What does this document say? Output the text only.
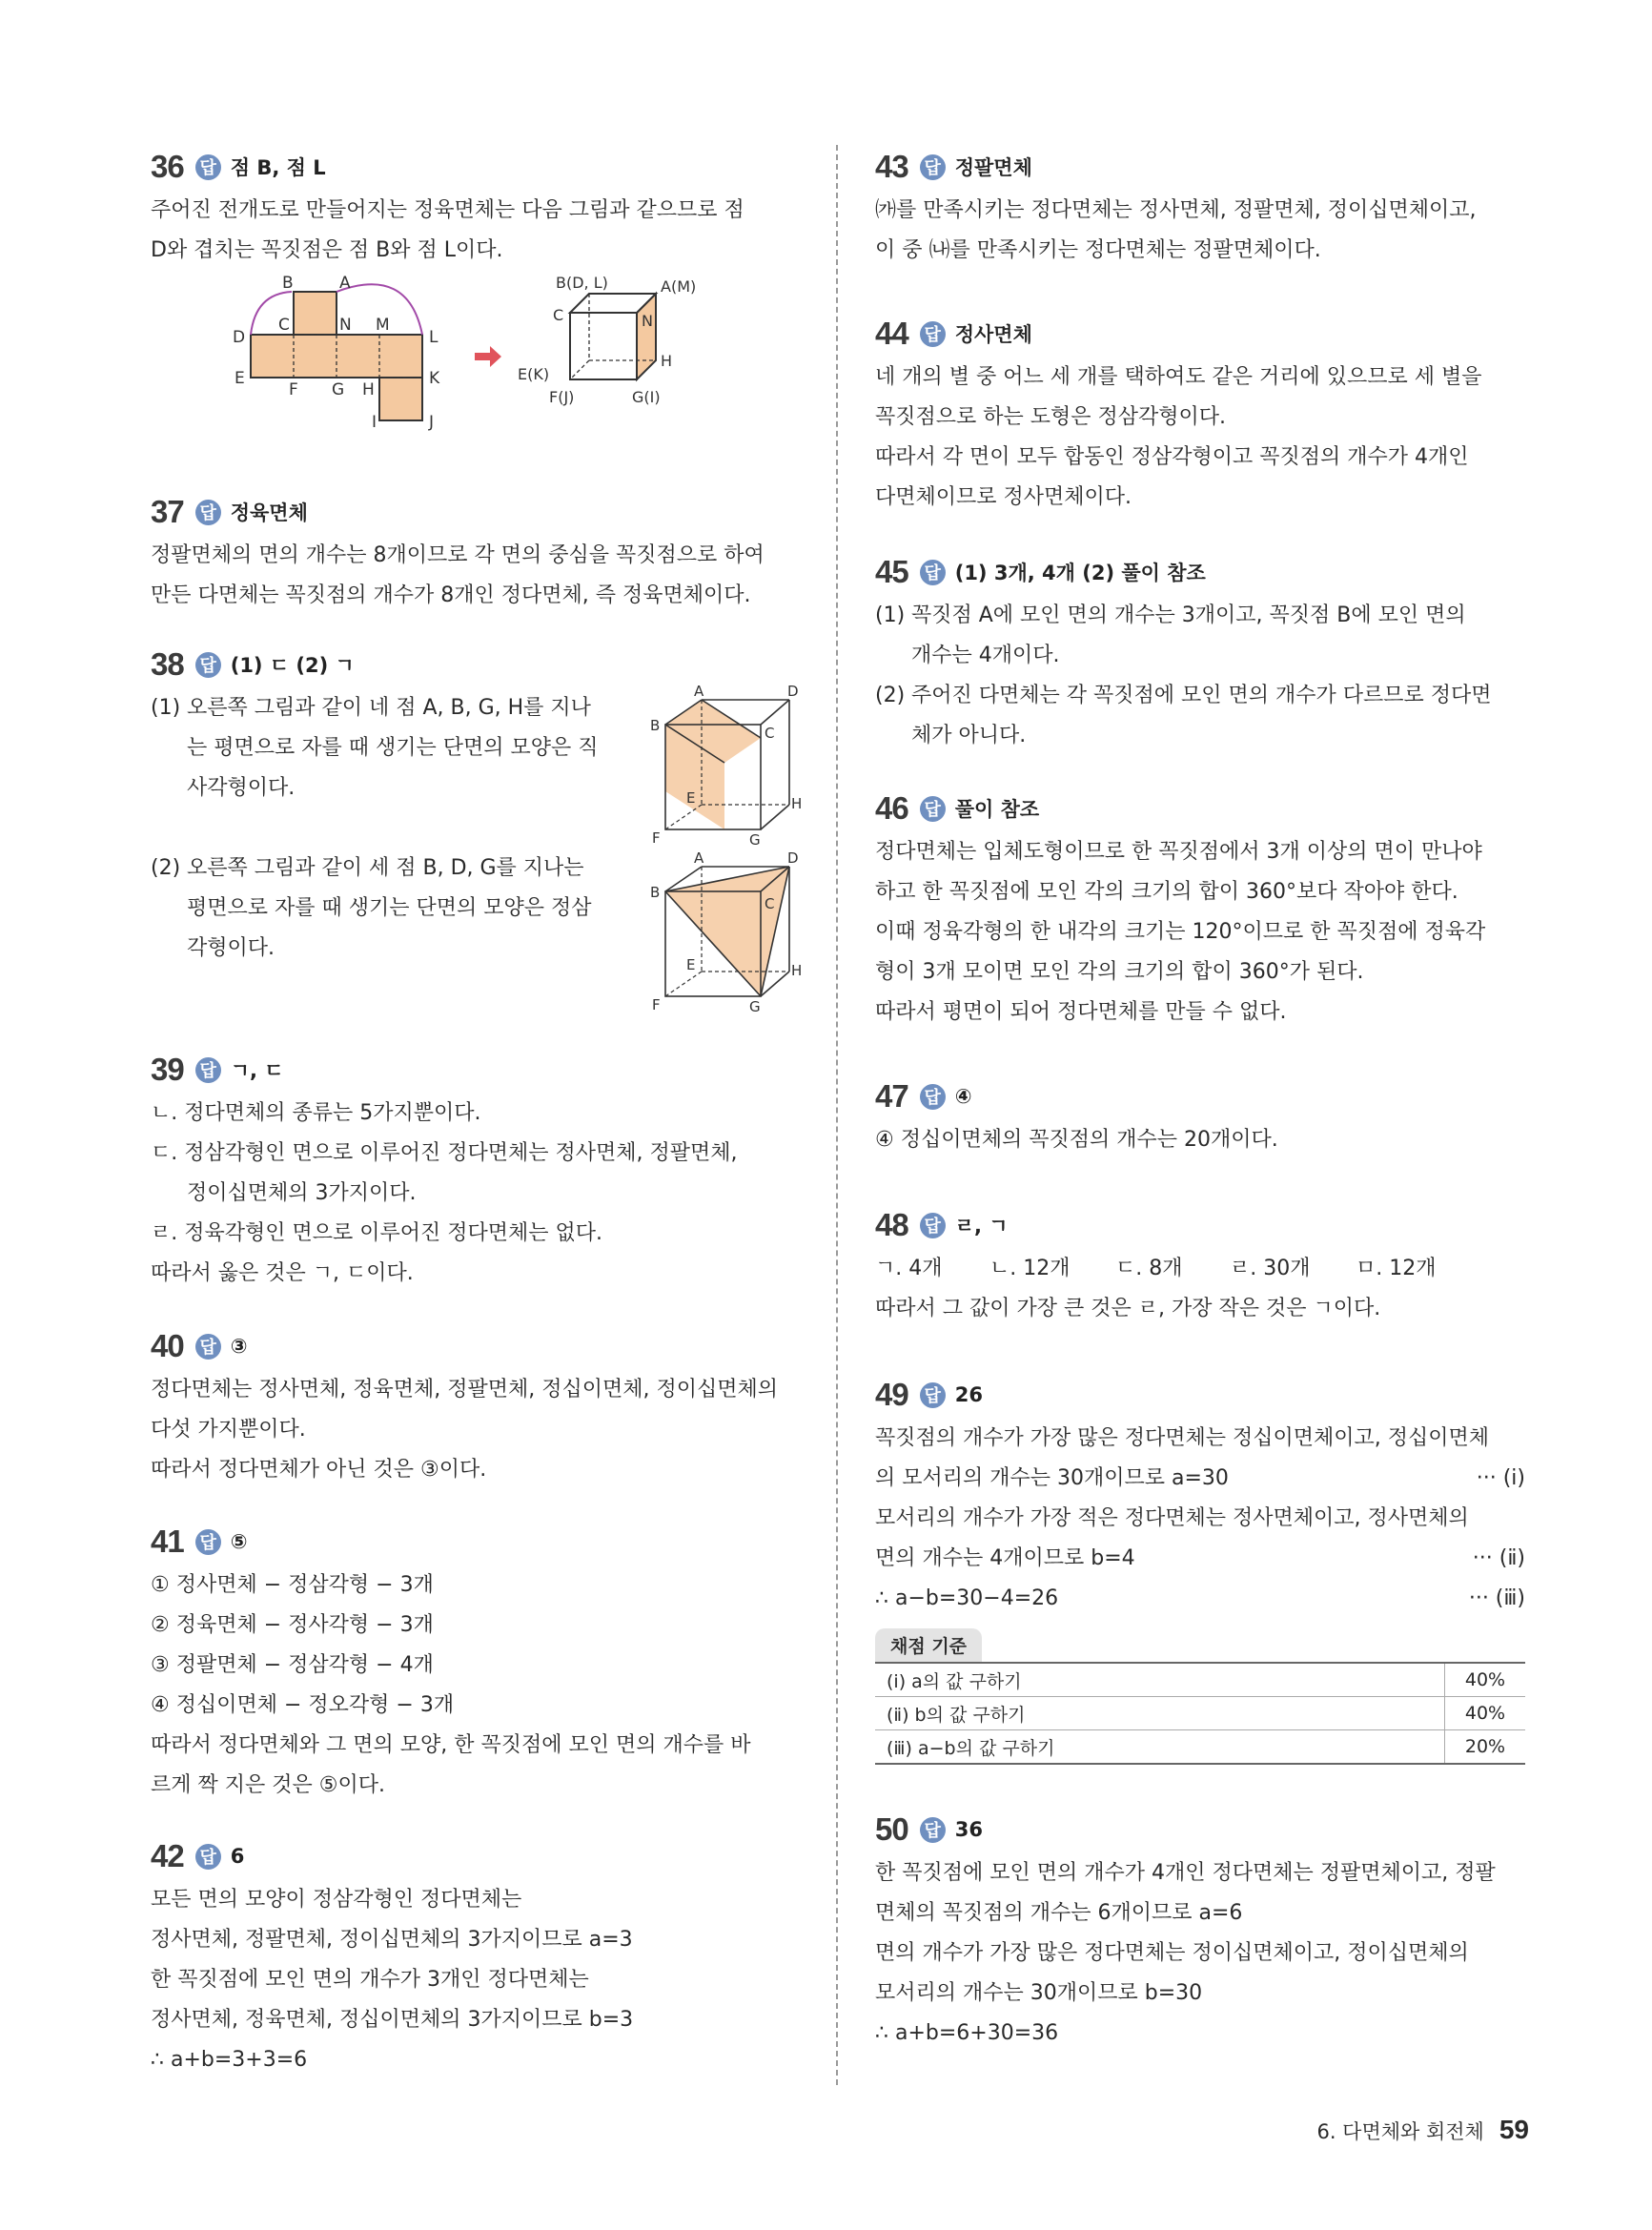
36 답 점 B, 점 L
주어진 전개도로 만들어지는 정육면체는 다음 그림과 같으므로 점
D와 겹치는 꼭짓점은 점 B와 점 L이다.
B	A
D
C	N M
L
E
F G H
K
I	J
B(D, L)	A(M)
C	N
E(K)
H
F(J)	G(I)
37 답 정육면체
정팔면체의 면의 개수는 8개이므로 각 면의 중심을 꼭짓점으로 하여
만든 다면체는 꼭짓점의 개수가 8개인 정다면체, 즉 정육면체이다.
38 답 (1) ㄷ (2) ㄱ
(1) 오른쪽 그림과 같이 네 점 A, B, G, H를 지나
는 평면으로 자를 때 생기는 단면의 모양은 직
사각형이다.
(2) 오른쪽 그림과 같이 세 점 B, D, G를 지나는
평면으로 자를 때 생기는 단면의 모양은 정삼
각형이다.
A	D
B	C
E	H
F	G
A	D
B
C
E	H
F	G
39 답 ㄱ, ㄷ
ㄴ. 정다면체의 종류는 5가지뿐이다.
ㄷ. 정삼각형인 면으로 이루어진 정다면체는 정사면체, 정팔면체,
정이십면체의 3가지이다.
ㄹ. 정육각형인 면으로 이루어진 정다면체는 없다.
따라서 옳은 것은 ㄱ, ㄷ이다.
40 답 ③
정다면체는 정사면체, 정육면체, 정팔면체, 정십이면체, 정이십면체의
다섯 가지뿐이다.
따라서 정다면체가 아닌 것은 ③이다.
41 답 ⑤
① 정사면체 − 정삼각형 − 3개
② 정육면체 − 정사각형 − 3개
③ 정팔면체 − 정삼각형 − 4개
④ 정십이면체 − 정오각형 − 3개
따라서 정다면체와 그 면의 모양, 한 꼭짓점에 모인 면의 개수를 바
르게 짝 지은 것은 ⑤이다.
42 답 6
모든 면의 모양이 정삼각형인 정다면체는
정사면체, 정팔면체, 정이십면체의 3가지이므로 a=3
한 꼭짓점에 모인 면의 개수가 3개인 정다면체는
정사면체, 정육면체, 정십이면체의 3가지이므로 b=3
∴ a+b=3+3=6
43 답 정팔면체
㈎를 만족시키는 정다면체는 정사면체, 정팔면체, 정이십면체이고,
이 중 ㈏를 만족시키는 정다면체는 정팔면체이다.
44 답 정사면체
네 개의 별 중 어느 세 개를 택하여도 같은 거리에 있으므로 세 별을
꼭짓점으로 하는 도형은 정삼각형이다.
따라서 각 면이 모두 합동인 정삼각형이고 꼭짓점의 개수가 4개인
다면체이므로 정사면체이다.
45 답 (1) 3개, 4개 (2) 풀이 참조
(1) 꼭짓점 A에 모인 면의 개수는 3개이고, 꼭짓점 B에 모인 면의
개수는 4개이다.
(2) 주어진 다면체는 각 꼭짓점에 모인 면의 개수가 다르므로 정다면
체가 아니다.
46 답 풀이 참조
정다면체는 입체도형이므로 한 꼭짓점에서 3개 이상의 면이 만나야
하고 한 꼭짓점에 모인 각의 크기의 합이 360°보다 작아야 한다.
이때 정육각형의 한 내각의 크기는 120°이므로 한 꼭짓점에 정육각
형이 3개 모이면 모인 각의 크기의 합이 360°가 된다.
따라서 평면이 되어 정다면체를 만들 수 없다.
47 답 ④
④ 정십이면체의 꼭짓점의 개수는 20개이다.
48 답 ㄹ, ㄱ
ㄱ. 4개	ㄴ. 12개	ㄷ. 8개	ㄹ. 30개	ㅁ. 12개
따라서 그 값이 가장 큰 것은 ㄹ, 가장 작은 것은 ㄱ이다.
49 답 26
꼭짓점의 개수가 가장 많은 정다면체는 정십이면체이고, 정십이면체
의 모서리의 개수는 30개이므로 a=30	··· (ⅰ)
모서리의 개수가 가장 적은 정다면체는 정사면체이고, 정사면체의
면의 개수는 4개이므로 b=4	··· (ⅱ)
∴ a−b=30−4=26	··· (ⅲ)
채점 기준
(ⅰ) a의 값 구하기	40%
(ⅱ) b의 값 구하기	40%
(ⅲ) a−b의 값 구하기	20%
50 답 36
한 꼭짓점에 모인 면의 개수가 4개인 정다면체는 정팔면체이고, 정팔
면체의 꼭짓점의 개수는 6개이므로 a=6
면의 개수가 가장 많은 정다면체는 정이십면체이고, 정이십면체의
모서리의 개수는 30개이므로 b=30
∴ a+b=6+30=36
6. 다면체와 회전체 59
